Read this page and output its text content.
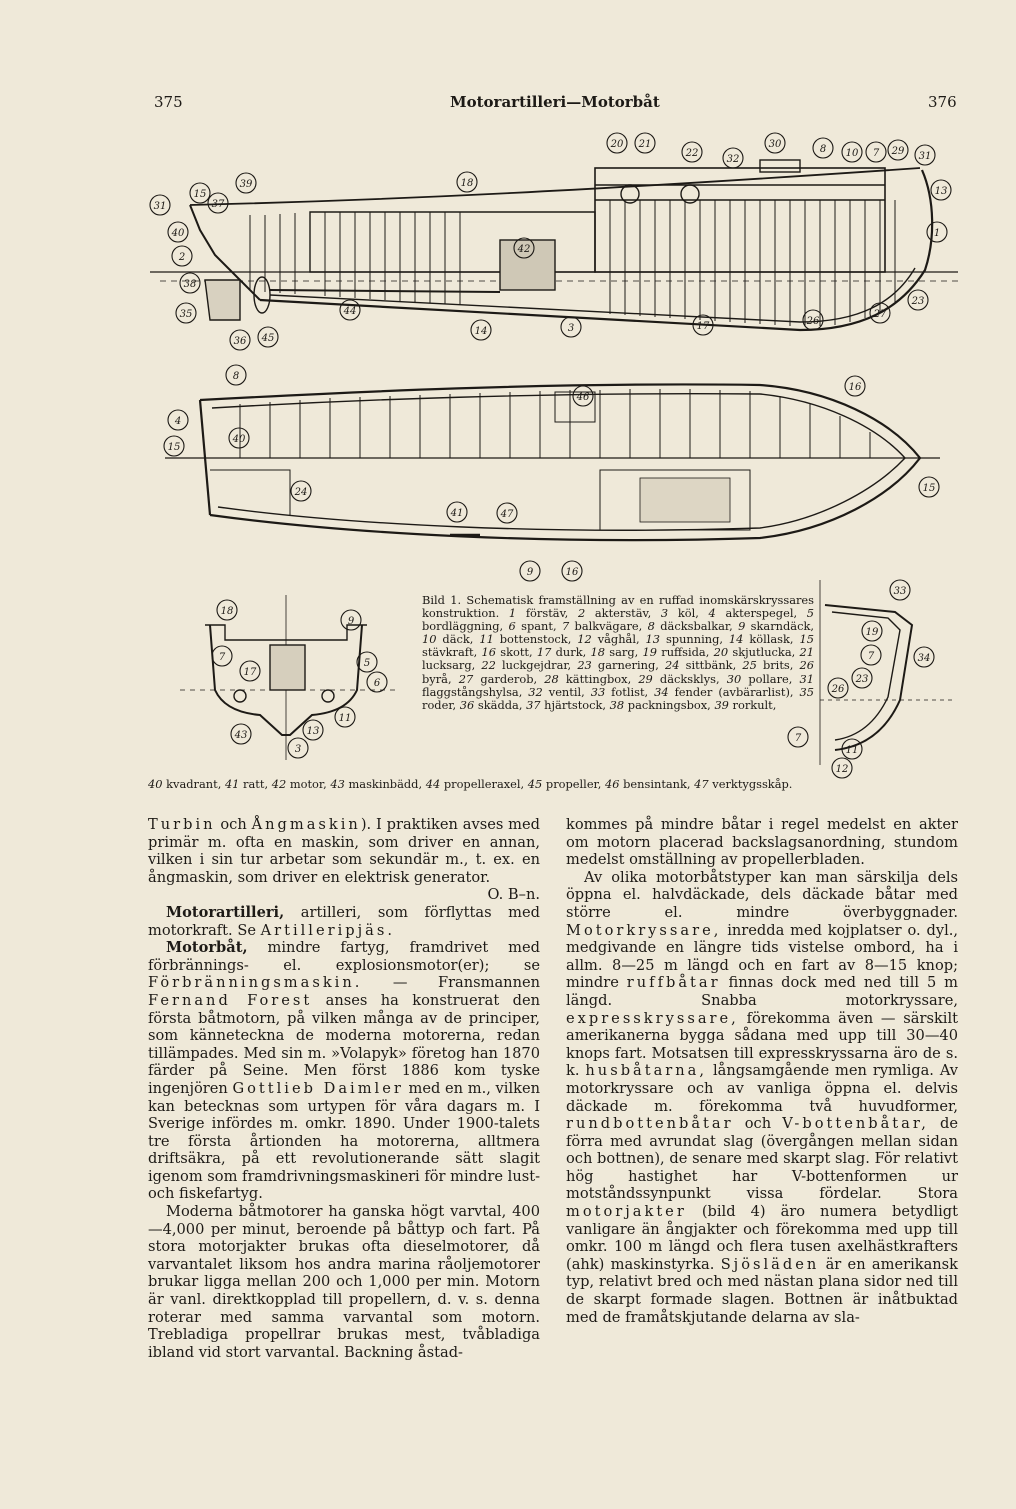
375	Motorartilleri—Motorbåt	376
20 21
22
32
30	8 10 7 29 31
18
39
31
15
37
13
40
2
42
1
38
35	44
14	3	17	26
27
23
36 45
8
16
4
15
40
46
24
41	47
9	16
15
18
9
7
17
5
6
11
43	13
3
33
19
7	34
26
23
7
11
12
Bild 1. Schematisk framställning av en ruffad inomskärskryssares konstruktion. 1 förstäv, 2 akterstäv, 3 köl, 4 akterspegel, 5 bordläggning, 6 spant, 7 balkvägare, 8 däcksbalkar, 9 skarndäck, 10 däck, 11 bottenstock, 12 våghål, 13 spunning, 14 köllask, 15 stävkraft, 16 skott, 17 durk, 18 sarg, 19 ruffsida, 20 skjutlucka, 21 lucksarg, 22 luckgejdrar, 23 garnering, 24 sittbänk, 25 brits, 26 byrå, 27 garderob, 28 kättingbox, 29 däcksklys, 30 pollare, 31 flaggstångshylsa, 32 ventil, 33 fotlist, 34 fender (avbärarlist), 35 roder, 36 skädda, 37 hjärtstock, 38 packningsbox, 39 rorkult,
40 kvadrant, 41 ratt, 42 motor, 43 maskinbädd, 44 propelleraxel, 45 propeller, 46 bensintank, 47 verktygsskåp.

Turbin och Ångmaskin). I praktiken avses med primär m. ofta en maskin, som driver en annan, vilken i sin tur arbetar som sekundär m., t. ex. en ångmaskin, som driver en elektrisk generator.

O. B–n.

Motorartilleri, artilleri, som förflyttas med motorkraft. Se Artilleripjäs.

Motorbåt, mindre fartyg, framdrivet med förbrännings- el. explosionsmotor(er); se Förbränningsmaskin. — Fransmannen Fernand Forest anses ha konstruerat den första båtmotorn, på vilken många av de principer, som känneteckna de moderna motorerna, redan tillämpades. Med sin m. »Volapyk» företog han 1870 färder på Seine. Men först 1886 kom tyske ingenjören Gottlieb Daimler med en m., vilken kan betecknas som urtypen för våra dagars m. I Sverige infördes m. omkr. 1890. Under 1900-talets tre första årtionden ha motorerna, alltmera driftsäkra, på ett revolutionerande sätt slagit igenom som framdrivningsmaskineri för mindre lust- och fiskefartyg.

Moderna båtmotorer ha ganska högt varvtal, 400—4,000 per minut, beroende på båttyp och fart. På stora motorjakter brukas ofta dieselmotorer, då varvantalet liksom hos andra marina råoljemotorer brukar ligga mellan 200 och 1,000 per min. Motorn är vanl. direktkopplad till propellern, d. v. s. denna roterar med samma varvantal som motorn. Trebladiga propellrar brukas mest, tvåbladiga ibland vid stort varvantal. Backning åstad-

kommes på mindre båtar i regel medelst en akter om motorn placerad backslagsanordning, stundom medelst omställning av propellerbladen.

Av olika motorbåtstyper kan man särskilja dels öppna el. halvdäckade, dels däckade båtar med större el. mindre överbyggnader. Motorkryssare, inredda med kojplatser o. dyl., medgivande en längre tids vistelse ombord, ha i allm. 8—25 m längd och en fart av 8—15 knop; mindre ruffbåtar finnas dock med ned till 5 m längd. Snabba motorkryssare, expresskryssare, förekomma även — särskilt amerikanerna bygga sådana med upp till 30—40 knops fart. Motsatsen till expresskryssarna äro de s. k. husbåtarna, långsamgående men rymliga. Av motorkryssare och av vanliga öppna el. delvis däckade m. förekomma två huvudformer, rundbottenbåtar och V-bottenbåtar, de förra med avrundat slag (övergången mellan sidan och bottnen), de senare med skarpt slag. För relativt hög hastighet har V-bottenformen ur motståndssynpunkt vissa fördelar. Stora motorjakter (bild 4) äro numera betydligt vanligare än ångjakter och förekomma med upp till omkr. 100 m längd och flera tusen axelhästkrafters (ahk) maskinstyrka. Sjösläden är en amerikansk typ, relativt bred och med nästan plana sidor ned till de skarpt formade slagen. Bottnen är inåtbuktad med de framåtskjutande delarna av sla-
